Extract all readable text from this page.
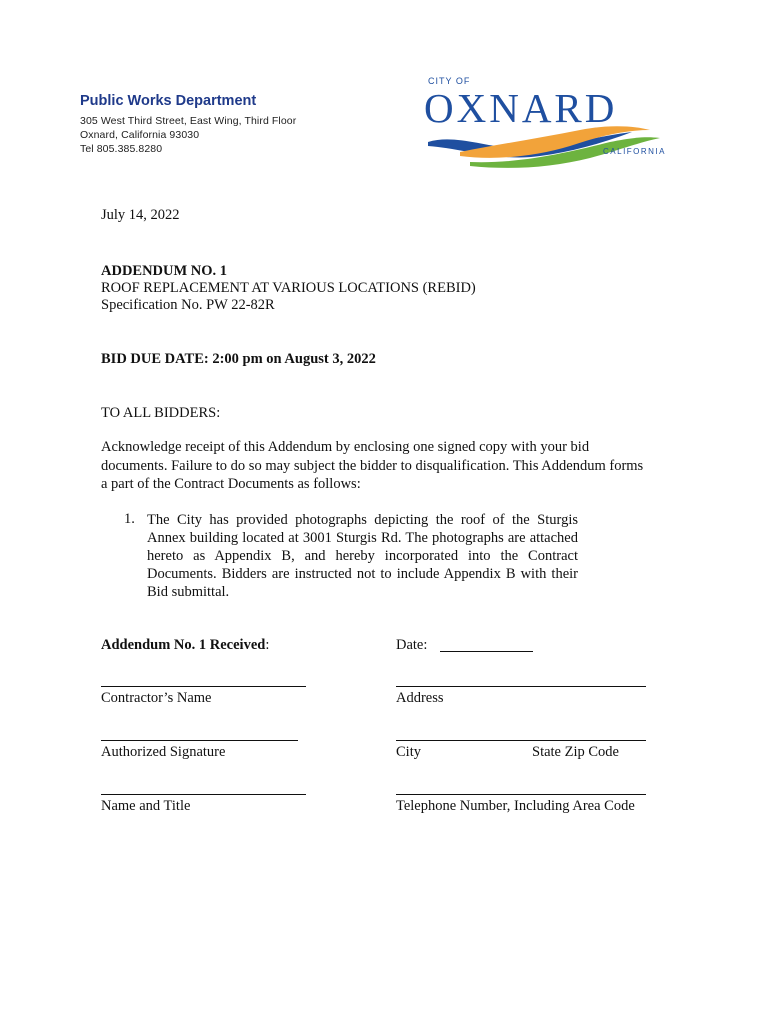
Public Works Department
305 West Third Street, East Wing, Third Floor
Oxnard, California 93030
Tel 805.385.8280
CITY OF
OXNARD
CALIFORNIA
July 14, 2022
ADDENDUM NO. 1
ROOF REPLACEMENT AT VARIOUS LOCATIONS (REBID)
Specification No. PW 22-82R
BID DUE DATE: 2:00 pm on August 3, 2022
TO ALL BIDDERS:
Acknowledge receipt of this Addendum by enclosing one signed copy with your bid documents. Failure to do so may subject the bidder to disqualification. This Addendum forms a part of the Contract Documents as follows:
1. The City has provided photographs depicting the roof of the Sturgis Annex building located at 3001 Sturgis Rd. The photographs are attached hereto as Appendix B, and hereby incorporated into the Contract Documents. Bidders are instructed not to include Appendix B with their Bid submittal.
Addendum No. 1 Received:	Date:
Contractor’s Name	Address
Authorized Signature	City	State Zip Code
Name and Title	Telephone Number, Including Area Code
